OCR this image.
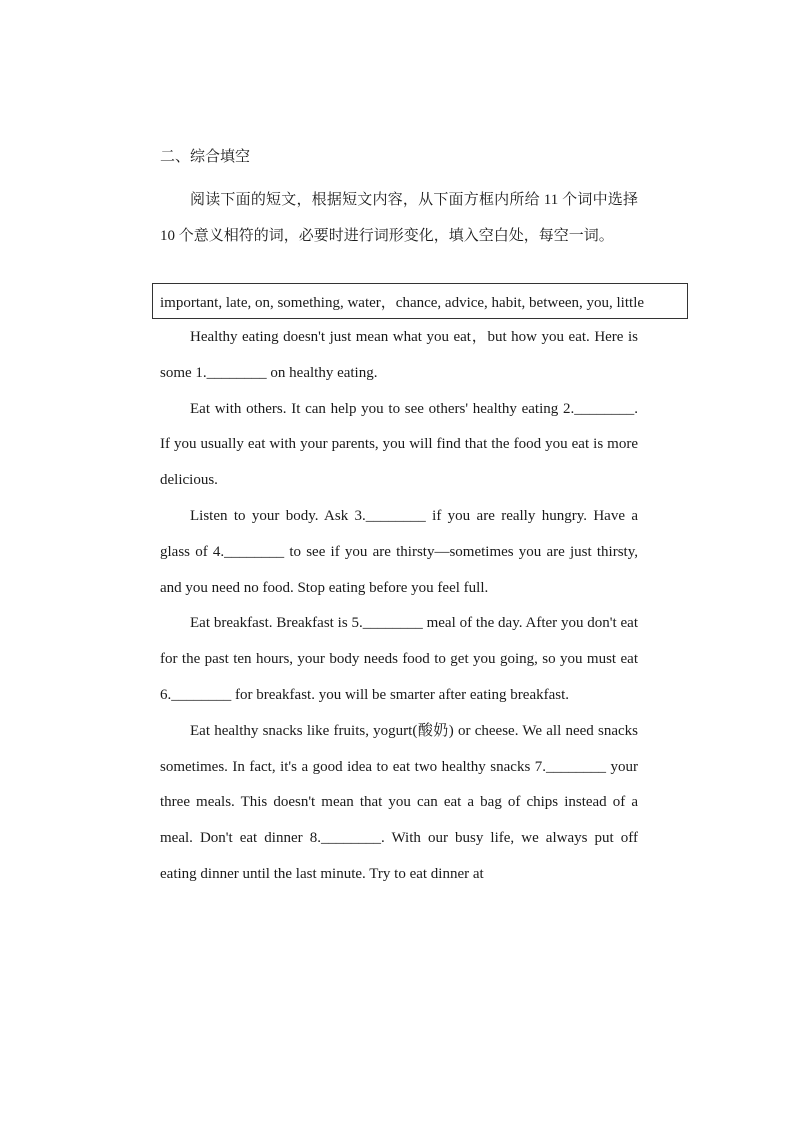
二、综合填空
阅读下面的短文，根据短文内容，从下面方框内所给 11 个词中选择 10 个意义相符的词，必要时进行词形变化，填入空白处，每空一词。
important, late, on, something, water，chance, advice, habit, between, you, little

Healthy eating doesn't just mean what you eat，but how you eat. Here is some 1.________ on healthy eating.

Eat with others. It can help you to see others' healthy eating 2.________. If you usually eat with your parents, you will find that the food you eat is more delicious.

Listen to your body. Ask 3.________ if you are really hungry. Have a glass of 4.________ to see if you are thirsty—sometimes you are just thirsty, and you need no food. Stop eating before you feel full.

Eat breakfast. Breakfast is 5.________ meal of the day. After you don't eat for the past ten hours, your body needs food to get you going, so you must eat 6.________ for breakfast. you will be smarter after eating breakfast.

Eat healthy snacks like fruits, yogurt(酸奶) or cheese. We all need snacks sometimes. In fact, it's a good idea to eat two healthy snacks 7.________ your three meals. This doesn't mean that you can eat a bag of chips instead of a meal. Don't eat dinner 8.________. With our busy life, we always put off eating dinner until the last minute. Try to eat dinner at
